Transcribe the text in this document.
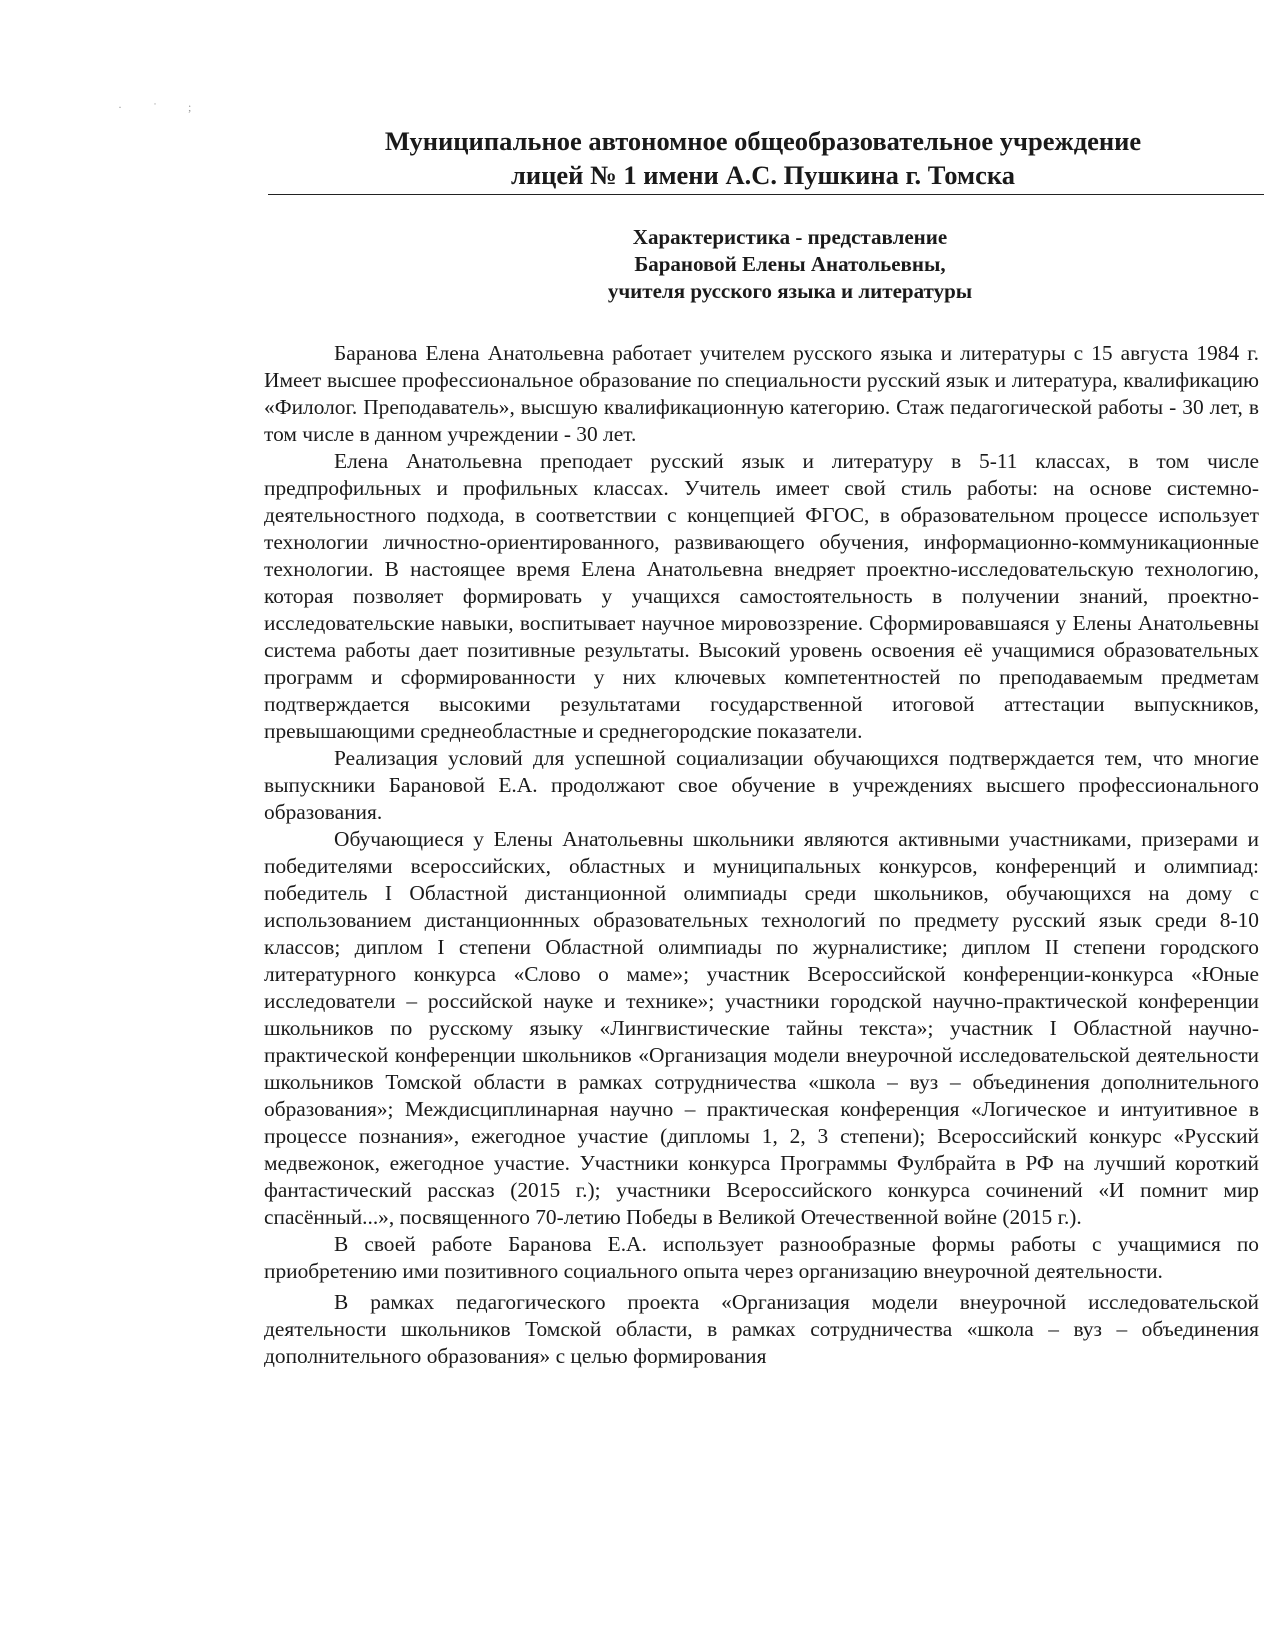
· ˙ ;
Муниципальное автономное общеобразовательное учреждение
лицей № 1 имени А.С. Пушкина г. Томска
Характеристика - представление
Барановой Елены Анатольевны,
учителя русского языка и литературы

Баранова Елена Анатольевна работает учителем русского языка и литературы с 15 августа 1984 г. Имеет высшее профессиональное образование по специальности русский язык и литература, квалификацию «Филолог. Преподаватель», высшую квалификационную категорию. Стаж педагогической работы - 30 лет, в том числе в данном учреждении - 30 лет.

Елена Анатольевна преподает русский язык и литературу в 5-11 классах, в том числе предпрофильных и профильных классах. Учитель имеет свой стиль работы: на основе системно-деятельностного подхода, в соответствии с концепцией ФГОС, в образовательном процессе использует технологии личностно-ориентированного, развивающего обучения, информационно-коммуникационные технологии. В настоящее время Елена Анатольевна внедряет проектно-исследовательскую технологию, которая позволяет формировать у учащихся самостоятельность в получении знаний, проектно-исследовательские навыки, воспитывает научное мировоззрение. Сформировавшаяся у Елены Анатольевны система работы дает позитивные результаты. Высокий уровень освоения её учащимися образовательных программ и сформированности у них ключевых компетентностей по преподаваемым предметам подтверждается высокими результатами государственной итоговой аттестации выпускников, превышающими среднеобластные и среднегородские показатели.

Реализация условий для успешной социализации обучающихся подтверждается тем, что многие выпускники Барановой Е.А. продолжают свое обучение в учреждениях высшего профессионального образования.

Обучающиеся у Елены Анатольевны школьники являются активными участниками, призерами и победителями всероссийских, областных и муниципальных конкурсов, конференций и олимпиад: победитель I Областной дистанционной олимпиады среди школьников, обучающихся на дому с использованием дистанционнных образовательных технологий по предмету русский язык среди 8-10 классов; диплом I степени Областной олимпиады по журналистике; диплом II степени городского литературного конкурса «Слово о маме»; участник Всероссийской конференции-конкурса «Юные исследователи – российской науке и технике»; участники городской научно-практической конференции школьников по русскому языку «Лингвистические тайны текста»; участник I Областной научно-практической конференции школьников «Организация модели внеурочной исследовательской деятельности школьников Томской области в рамках сотрудничества «школа – вуз – объединения дополнительного образования»; Междисциплинарная научно – практическая конференция «Логическое и интуитивное в процессе познания», ежегодное участие (дипломы 1, 2, 3 степени); Всероссийский конкурс «Русский медвежонок, ежегодное участие. Участники конкурса Программы Фулбрайта в РФ на лучший короткий фантастический рассказ (2015 г.); участники Всероссийского конкурса сочинений «И помнит мир спасённый...», посвященного 70-летию Победы в Великой Отечественной войне (2015 г.).

В своей работе Баранова Е.А. использует разнообразные формы работы с учащимися по приобретению ими позитивного социального опыта через организацию внеурочной деятельности.

В рамках педагогического проекта «Организация модели внеурочной исследовательской деятельности школьников Томской области, в рамках сотрудничества «школа – вуз – объединения дополнительного образования» с целью формирования
